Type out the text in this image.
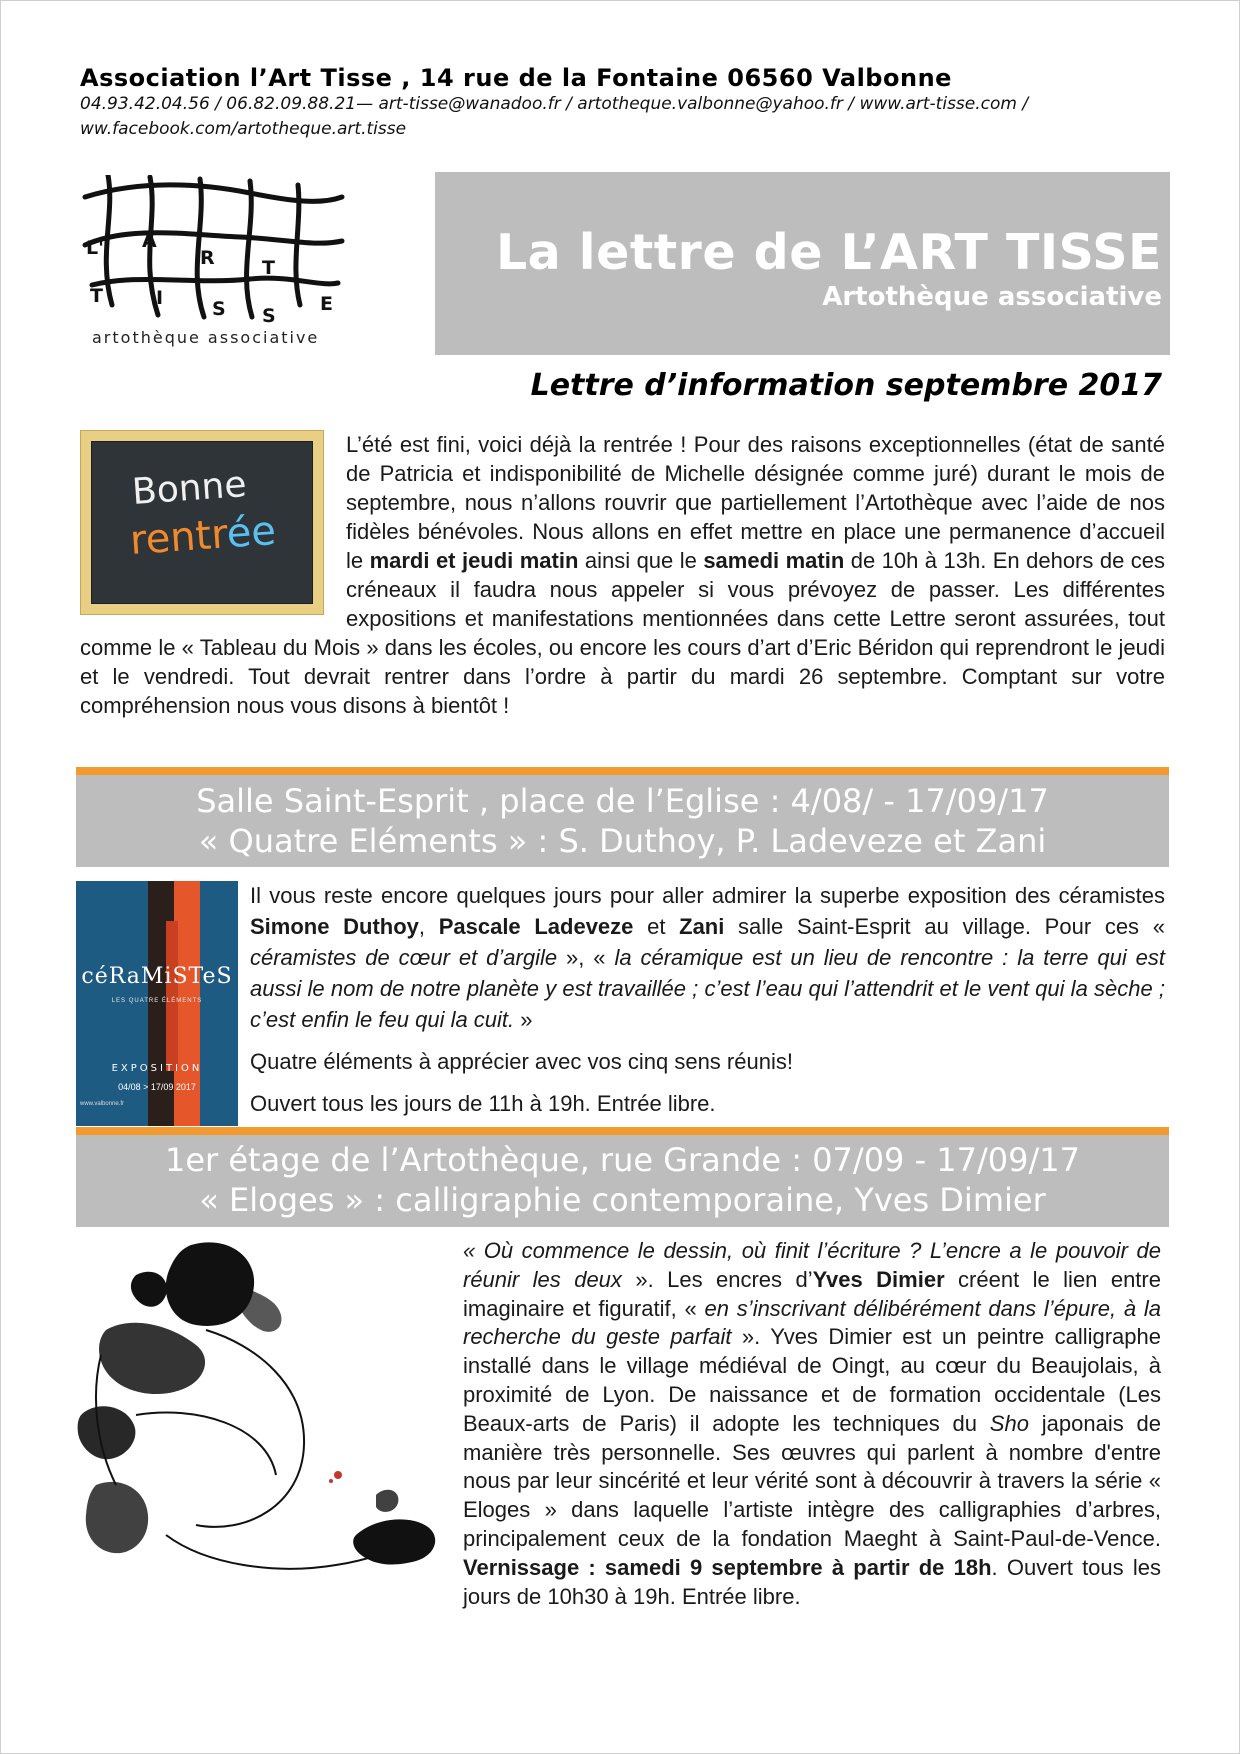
Association l’Art Tisse , 14 rue de la Fontaine 06560 Valbonne
04.93.42.04.56 / 06.82.09.88.21— art-tisse@wanadoo.fr / artotheque.valbonne@yahoo.fr / www.art-tisse.com / ww.facebook.com/artotheque.art.tisse
L' A
R T
T	I	S S
E
artothèque associative
La lettre de L’ART TISSE
Artothèque associative
Lettre d’information septembre 2017
Bonne
rentrée
L’été est fini, voici déjà la rentrée ! Pour des raisons exceptionnelles (état de santé de Patricia et indisponibilité de Michelle désignée comme juré) durant le mois de septembre, nous n’allons rouvrir que partiellement l’Artothèque avec l’aide de nos fidèles bénévoles. Nous allons en effet mettre en place une permanence d’accueil le mardi et jeudi matin ainsi que le samedi matin de 10h à 13h. En dehors de ces créneaux il faudra nous appeler si vous prévoyez de passer. Les différentes expositions et manifestations mentionnées dans cette Lettre seront assurées, tout comme le « Tableau du Mois » dans les écoles, ou encore les cours d’art d’Eric Béridon qui reprendront le jeudi et le vendredi. Tout devrait rentrer dans l’ordre à partir du mardi 26 septembre. Comptant sur votre compréhension nous vous disons à bientôt !
Salle Saint-Esprit , place de l’Eglise : 4/08/ - 17/09/17
« Quatre Eléments » : S. Duthoy, P. Ladeveze et Zani
céRaMiSTeS
LES QUATRE ÉLÉMENTS
EXPOSITION
04/08 > 17/09 2017
www.valbonne.fr

Il vous reste encore quelques jours pour aller admirer la superbe exposition des céramistes Simone Duthoy, Pascale Ladeveze et Zani salle Saint-Esprit au village. Pour ces « céramistes de cœur et d’argile », « la céramique est un lieu de rencontre : la terre qui est aussi le nom de notre planète y est travaillée ; c’est l’eau qui l’attendrit et le vent qui la sèche ; c’est enfin le feu qui la cuit. »

Quatre éléments à apprécier avec vos cinq sens réunis!

Ouvert tous les jours de 11h à 19h. Entrée libre.

1er étage de l’Artothèque, rue Grande : 07/09 - 17/09/17
« Eloges » : calligraphie contemporaine, Yves Dimier
« Où commence le dessin, où finit l’écriture ? L’encre a le pouvoir de réunir les deux ». Les encres d’Yves Dimier créent le lien entre imaginaire et figuratif, « en s’inscrivant délibérément dans l’épure, à la recherche du geste parfait ». Yves Dimier est un peintre calligraphe installé dans le village médiéval de Oingt, au cœur du Beaujolais, à proximité de Lyon. De naissance et de formation occidentale (Les Beaux-arts de Paris) il adopte les techniques du Sho japonais de manière très personnelle. Ses œuvres qui parlent à nombre d'entre nous par leur sincérité et leur vérité sont à découvrir à travers la série « Eloges » dans laquelle l’artiste intègre des calligraphies d’arbres, principalement ceux de la fondation Maeght à Saint-Paul-de-Vence. Vernissage : samedi 9 septembre à partir de 18h. Ouvert tous les jours de 10h30 à 19h. Entrée libre.
